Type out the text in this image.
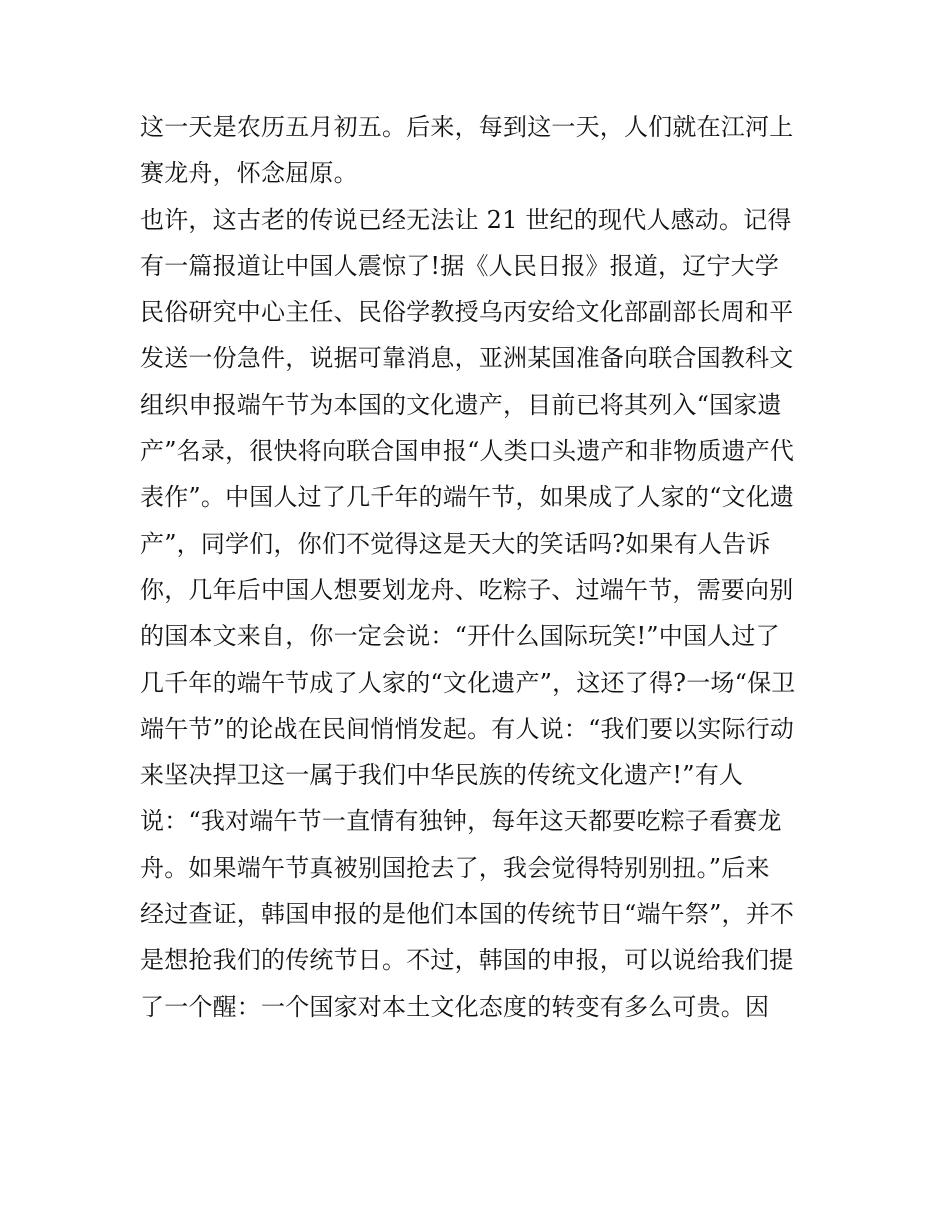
这一天是农历五月初五。后来，每到这一天，人们就在江河上
赛龙舟，怀念屈原。
也许，这古老的传说已经无法让 21 世纪的现代人感动。记得
有一篇报道让中国人震惊了!据《人民日报》报道，辽宁大学
民俗研究中心主任、民俗学教授乌丙安给文化部副部长周和平
发送一份急件，说据可靠消息，亚洲某国准备向联合国教科文
组织申报端午节为本国的文化遗产，目前已将其列入“国家遗
产”名录，很快将向联合国申报“人类口头遗产和非物质遗产代
表作”。中国人过了几千年的端午节，如果成了人家的“文化遗
产”，同学们，你们不觉得这是天大的笑话吗?如果有人告诉
你，几年后中国人想要划龙舟、吃粽子、过端午节，需要向别
的国本文来自，你一定会说：“开什么国际玩笑!”中国人过了
几千年的端午节成了人家的“文化遗产”，这还了得?一场“保卫
端午节”的论战在民间悄悄发起。有人说：“我们要以实际行动
来坚决捍卫这一属于我们中华民族的传统文化遗产!”有人
说：“我对端午节一直情有独钟，每年这天都要吃粽子看赛龙
舟。如果端午节真被别国抢去了，我会觉得特别别扭。”后来
经过查证，韩国申报的是他们本国的传统节日“端午祭”，并不
是想抢我们的传统节日。不过，韩国的申报，可以说给我们提
了一个醒：一个国家对本土文化态度的转变有多么可贵。因
